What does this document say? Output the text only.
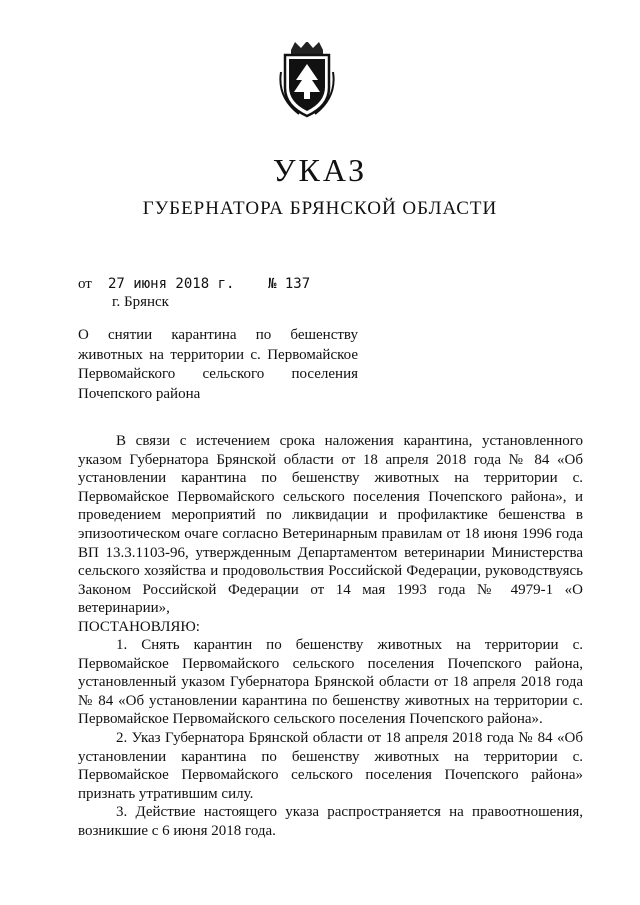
УКАЗ
ГУБЕРНАТОРА БРЯНСКОЙ ОБЛАСТИ
от 27 июня 2018 г. № 137
г. Брянск
О снятии карантина по бешенству
животных на территории с. Первомайское
Первомайского сельского поселения
Почепского района

В связи с истечением срока наложения карантина, установленного указом Губернатора Брянской области от 18 апреля 2018 года № 84 «Об установлении карантина по бешенству животных на территории с. Первомайское Первомайского сельского поселения Почепского района», и проведением мероприятий по ликвидации и профилактике бешенства в эпизоотическом очаге согласно Ветеринарным правилам от 18 июня 1996 года ВП 13.3.1103-96, утвержденным Департаментом ветеринарии Министерства сельского хозяйства и продовольствия Российской Федерации, руководствуясь Законом Российской Федерации от 14 мая 1993 года № 4979-1 «О ветеринарии»,

ПОСТАНОВЛЯЮ:

1. Снять карантин по бешенству животных на территории с. Первомайское Первомайского сельского поселения Почепского района, установленный указом Губернатора Брянской области от 18 апреля 2018 года № 84 «Об установлении карантина по бешенству животных на территории с. Первомайское Первомайского сельского поселения Почепского района».

2. Указ Губернатора Брянской области от 18 апреля 2018 года № 84 «Об установлении карантина по бешенству животных на территории с. Первомайское Первомайского сельского поселения Почепского района» признать утратившим силу.

3. Действие настоящего указа распространяется на правоотношения, возникшие с 6 июня 2018 года.
